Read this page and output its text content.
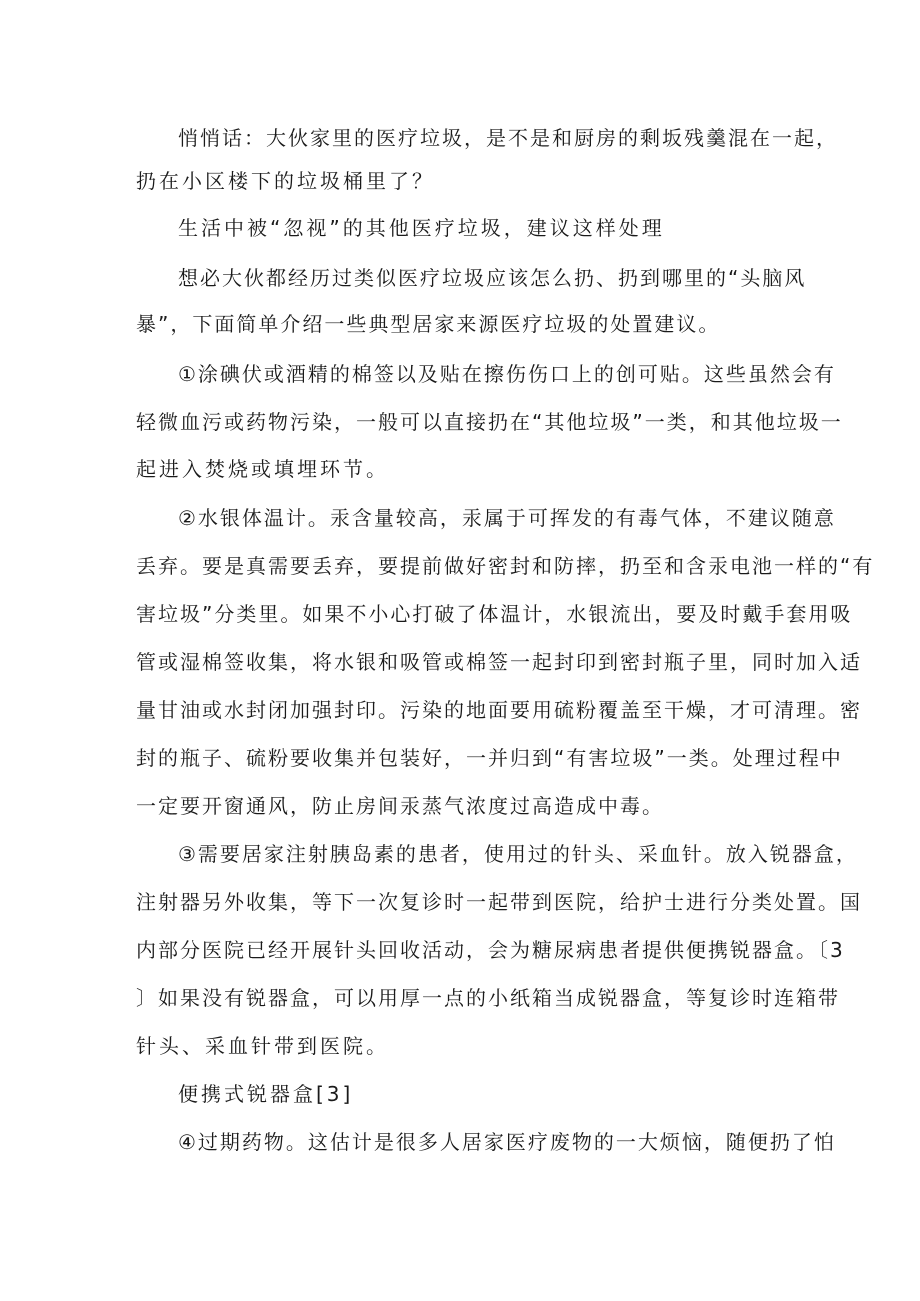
悄悄话：大伙家里的医疗垃圾，是不是和厨房的剩坂残羹混在一起，

扔在小区楼下的垃圾桶里了？

生活中被“忽视”的其他医疗垃圾，建议这样处理

想必大伙都经历过类似医疗垃圾应该怎么扔、扔到哪里的“头脑风

暴”，下面简单介绍一些典型居家来源医疗垃圾的处置建议。

①涂碘伏或酒精的棉签以及贴在擦伤伤口上的创可贴。这些虽然会有

轻微血污或药物污染，一般可以直接扔在“其他垃圾”一类，和其他垃圾一

起进入焚烧或填埋环节。

②水银体温计。汞含量较高，汞属于可挥发的有毒气体，不建议随意

丢弃。要是真需要丢弃，要提前做好密封和防摔，扔至和含汞电池一样的“有

害垃圾”分类里。如果不小心打破了体温计，水银流出，要及时戴手套用吸

管或湿棉签收集，将水银和吸管或棉签一起封印到密封瓶子里，同时加入适

量甘油或水封闭加强封印。污染的地面要用硫粉覆盖至干燥，才可清理。密

封的瓶子、硫粉要收集并包装好，一并归到“有害垃圾”一类。处理过程中

一定要开窗通风，防止房间汞蒸气浓度过高造成中毒。

③需要居家注射胰岛素的患者，使用过的针头、采血针。放入锐器盒，

注射器另外收集，等下一次复诊时一起带到医院，给护士进行分类处置。国

内部分医院已经开展针头回收活动，会为糖尿病患者提供便携锐器盒。〔3

〕如果没有锐器盒，可以用厚一点的小纸箱当成锐器盒，等复诊时连箱带

针头、采血针带到医院。

便携式锐器盒[3]

④过期药物。这估计是很多人居家医疗废物的一大烦恼，随便扔了怕
